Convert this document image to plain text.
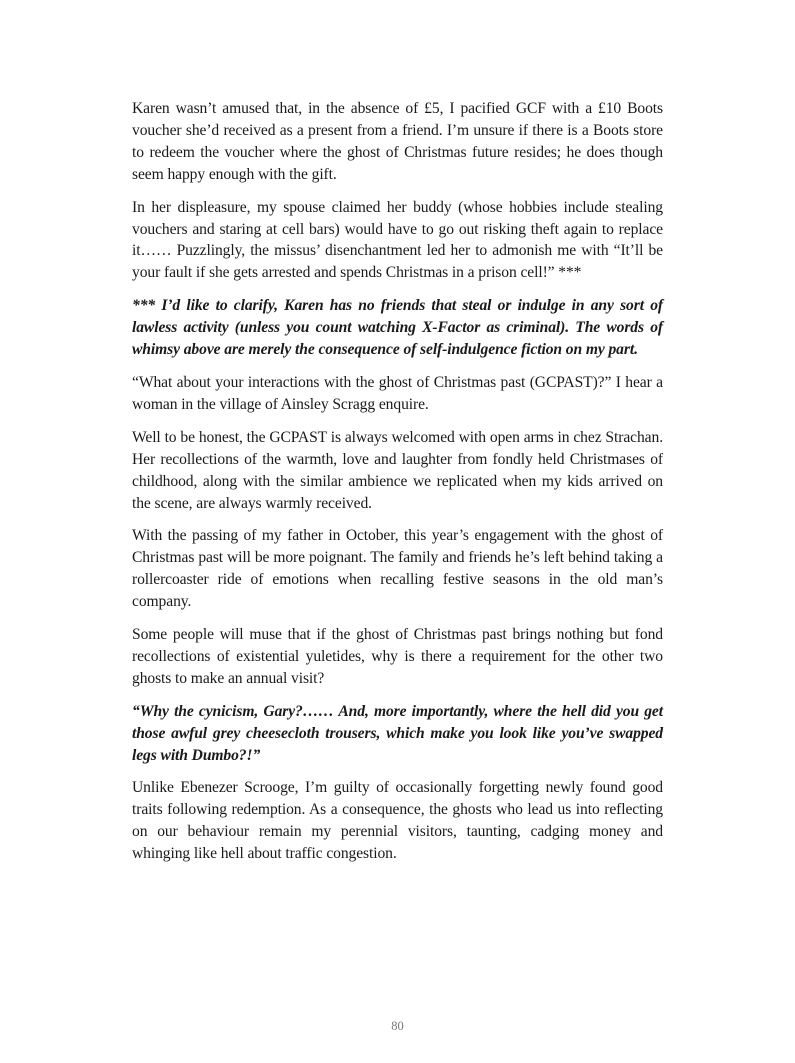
Karen wasn’t amused that, in the absence of £5, I pacified GCF with a £10 Boots voucher she’d received as a present from a friend. I’m unsure if there is a Boots store to redeem the voucher where the ghost of Christmas future resides; he does though seem happy enough with the gift.

In her displeasure, my spouse claimed her buddy (whose hobbies include stealing vouchers and staring at cell bars) would have to go out risking theft again to replace it…… Puzzlingly, the missus’ disenchantment led her to admonish me with “It’ll be your fault if she gets arrested and spends Christmas in a prison cell!” ***

*** I’d like to clarify, Karen has no friends that steal or indulge in any sort of lawless activity (unless you count watching X-Factor as criminal). The words of whimsy above are merely the consequence of self-indulgence fiction on my part.

“What about your interactions with the ghost of Christmas past (GCPAST)?” I hear a woman in the village of Ainsley Scragg enquire.

Well to be honest, the GCPAST is always welcomed with open arms in chez Strachan. Her recollections of the warmth, love and laughter from fondly held Christmases of childhood, along with the similar ambience we replicated when my kids arrived on the scene, are always warmly received.

With the passing of my father in October, this year’s engagement with the ghost of Christmas past will be more poignant. The family and friends he’s left behind taking a rollercoaster ride of emotions when recalling festive seasons in the old man’s company.

Some people will muse that if the ghost of Christmas past brings nothing but fond recollections of existential yuletides, why is there a requirement for the other two ghosts to make an annual visit?

“Why the cynicism, Gary?…… And, more importantly, where the hell did you get those awful grey cheesecloth trousers, which make you look like you’ve swapped legs with Dumbo?!”

Unlike Ebenezer Scrooge, I’m guilty of occasionally forgetting newly found good traits following redemption. As a consequence, the ghosts who lead us into reflecting on our behaviour remain my perennial visitors, taunting, cadging money and whinging like hell about traffic congestion.

80
